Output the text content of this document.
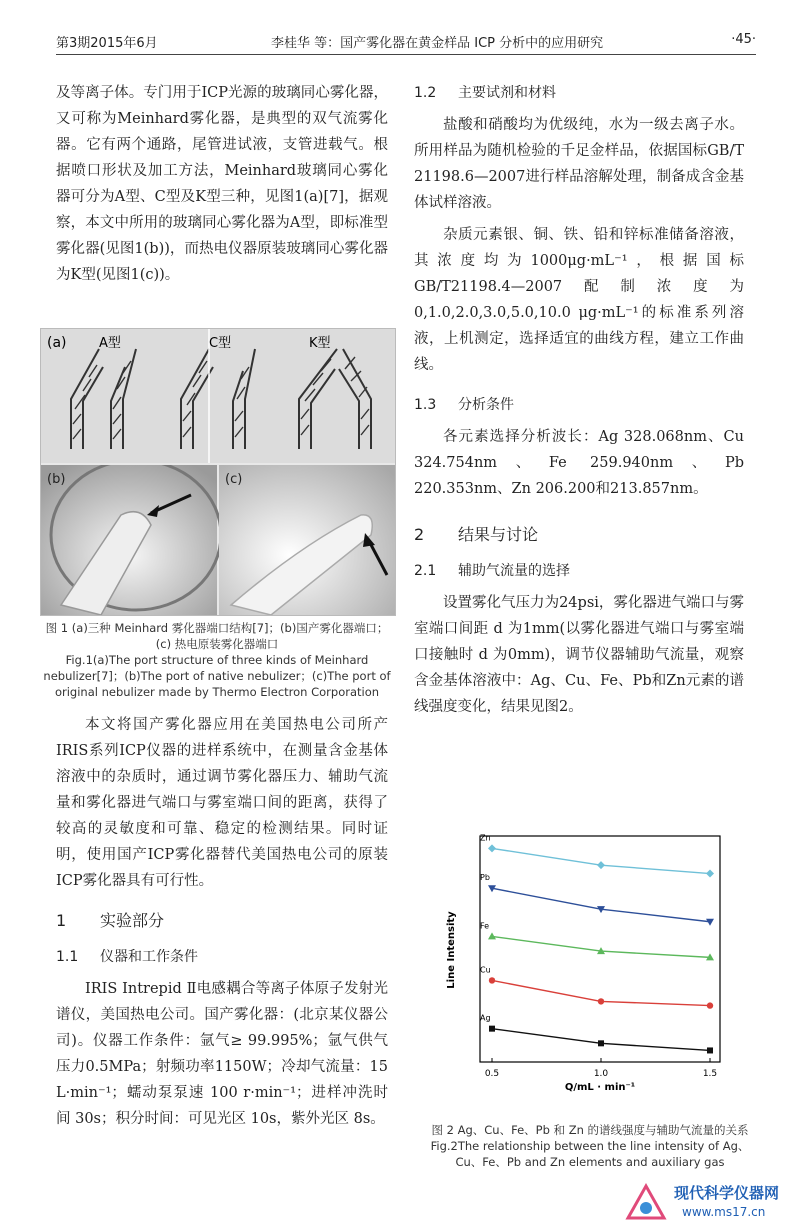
第3期2015年6月	李桂华 等：国产雾化器在黄金样品 ICP 分析中的应用研究	·45·

及等离子体。专门用于ICP光源的玻璃同心雾化器，又可称为Meinhard雾化器，是典型的双气流雾化器。它有两个通路，尾管进试液，支管进载气。根据喷口形状及加工方法，Meinhard玻璃同心雾化器可分为A型、C型及K型三种，见图1(a)[7]，据观察，本文中所用的玻璃同心雾化器为A型，即标准型雾化器(见图1(b))，而热电仪器原装玻璃同心雾化器为K型(见图1(c))。

(a) A型	C型	K型
(b)	(c)
图 1 (a)三种 Meinhard 雾化器端口结构[7]；(b)国产雾化器端口；
(c) 热电原装雾化器端口
Fig.1(a)The port structure of three kinds of Meinhard
nebulizer[7]；(b)The port of native nebulizer；(c)The port of
original nebulizer made by Thermo Electron Corporation

本文将国产雾化器应用在美国热电公司所产IRIS系列ICP仪器的进样系统中，在测量含金基体溶液中的杂质时，通过调节雾化器压力、辅助气流量和雾化器进气端口与雾室端口间的距离，获得了较高的灵敏度和可靠、稳定的检测结果。同时证明，使用国产ICP雾化器替代美国热电公司的原装ICP雾化器具有可行性。

1 实验部分
1.1 仪器和工作条件

IRIS Intrepid Ⅱ电感耦合等离子体原子发射光谱仪，美国热电公司。国产雾化器：(北京某仪器公司)。仪器工作条件：氩气≥ 99.995%；氩气供气压力0.5MPa；射频功率1150W；冷却气流量：15 L·min⁻¹；蠕动泵泵速 100 r·min⁻¹；进样冲洗时间 30s；积分时间：可见光区 10s，紫外光区 8s。

1.2 主要试剂和材料

盐酸和硝酸均为优级纯，水为一级去离子水。所用样品为随机检验的千足金样品，依据国标GB/T 21198.6—2007进行样品溶解处理，制备成含金基体试样溶液。

杂质元素银、铜、铁、铅和锌标准储备溶液，其浓度均为1000μg·mL⁻¹，根据国标GB/T21198.4—2007配制浓度为0,1.0,2.0,3.0,5.0,10.0 μg·mL⁻¹的标准系列溶液，上机测定，选择适宜的曲线方程，建立工作曲线。

1.3 分析条件

各元素选择分析波长：Ag 328.068nm、Cu 324.754nm、Fe 259.940nm、Pb 220.353nm、Zn 206.200和213.857nm。

2 结果与讨论
2.1 辅助气流量的选择

设置雾化气压力为24psi，雾化器进气端口与雾室端口间距 d 为1mm(以雾化器进气端口与雾室端口接触时 d 为0mm)，调节仪器辅助气流量，观察含金基体溶液中：Ag、Cu、Fe、Pb和Zn元素的谱线强度变化，结果见图2。

0.5	1.0	1.5
Zn
Pb
Fe
Cu
Ag
Line Intensity
Q/mL · min⁻¹
图 2 Ag、Cu、Fe、Pb 和 Zn 的谱线强度与辅助气流量的关系
Fig.2The relationship between the line intensity of Ag、
Cu、Fe、Pb and Zn elements and auxiliary gas
现代科学仪器网
www.ms17.cn
